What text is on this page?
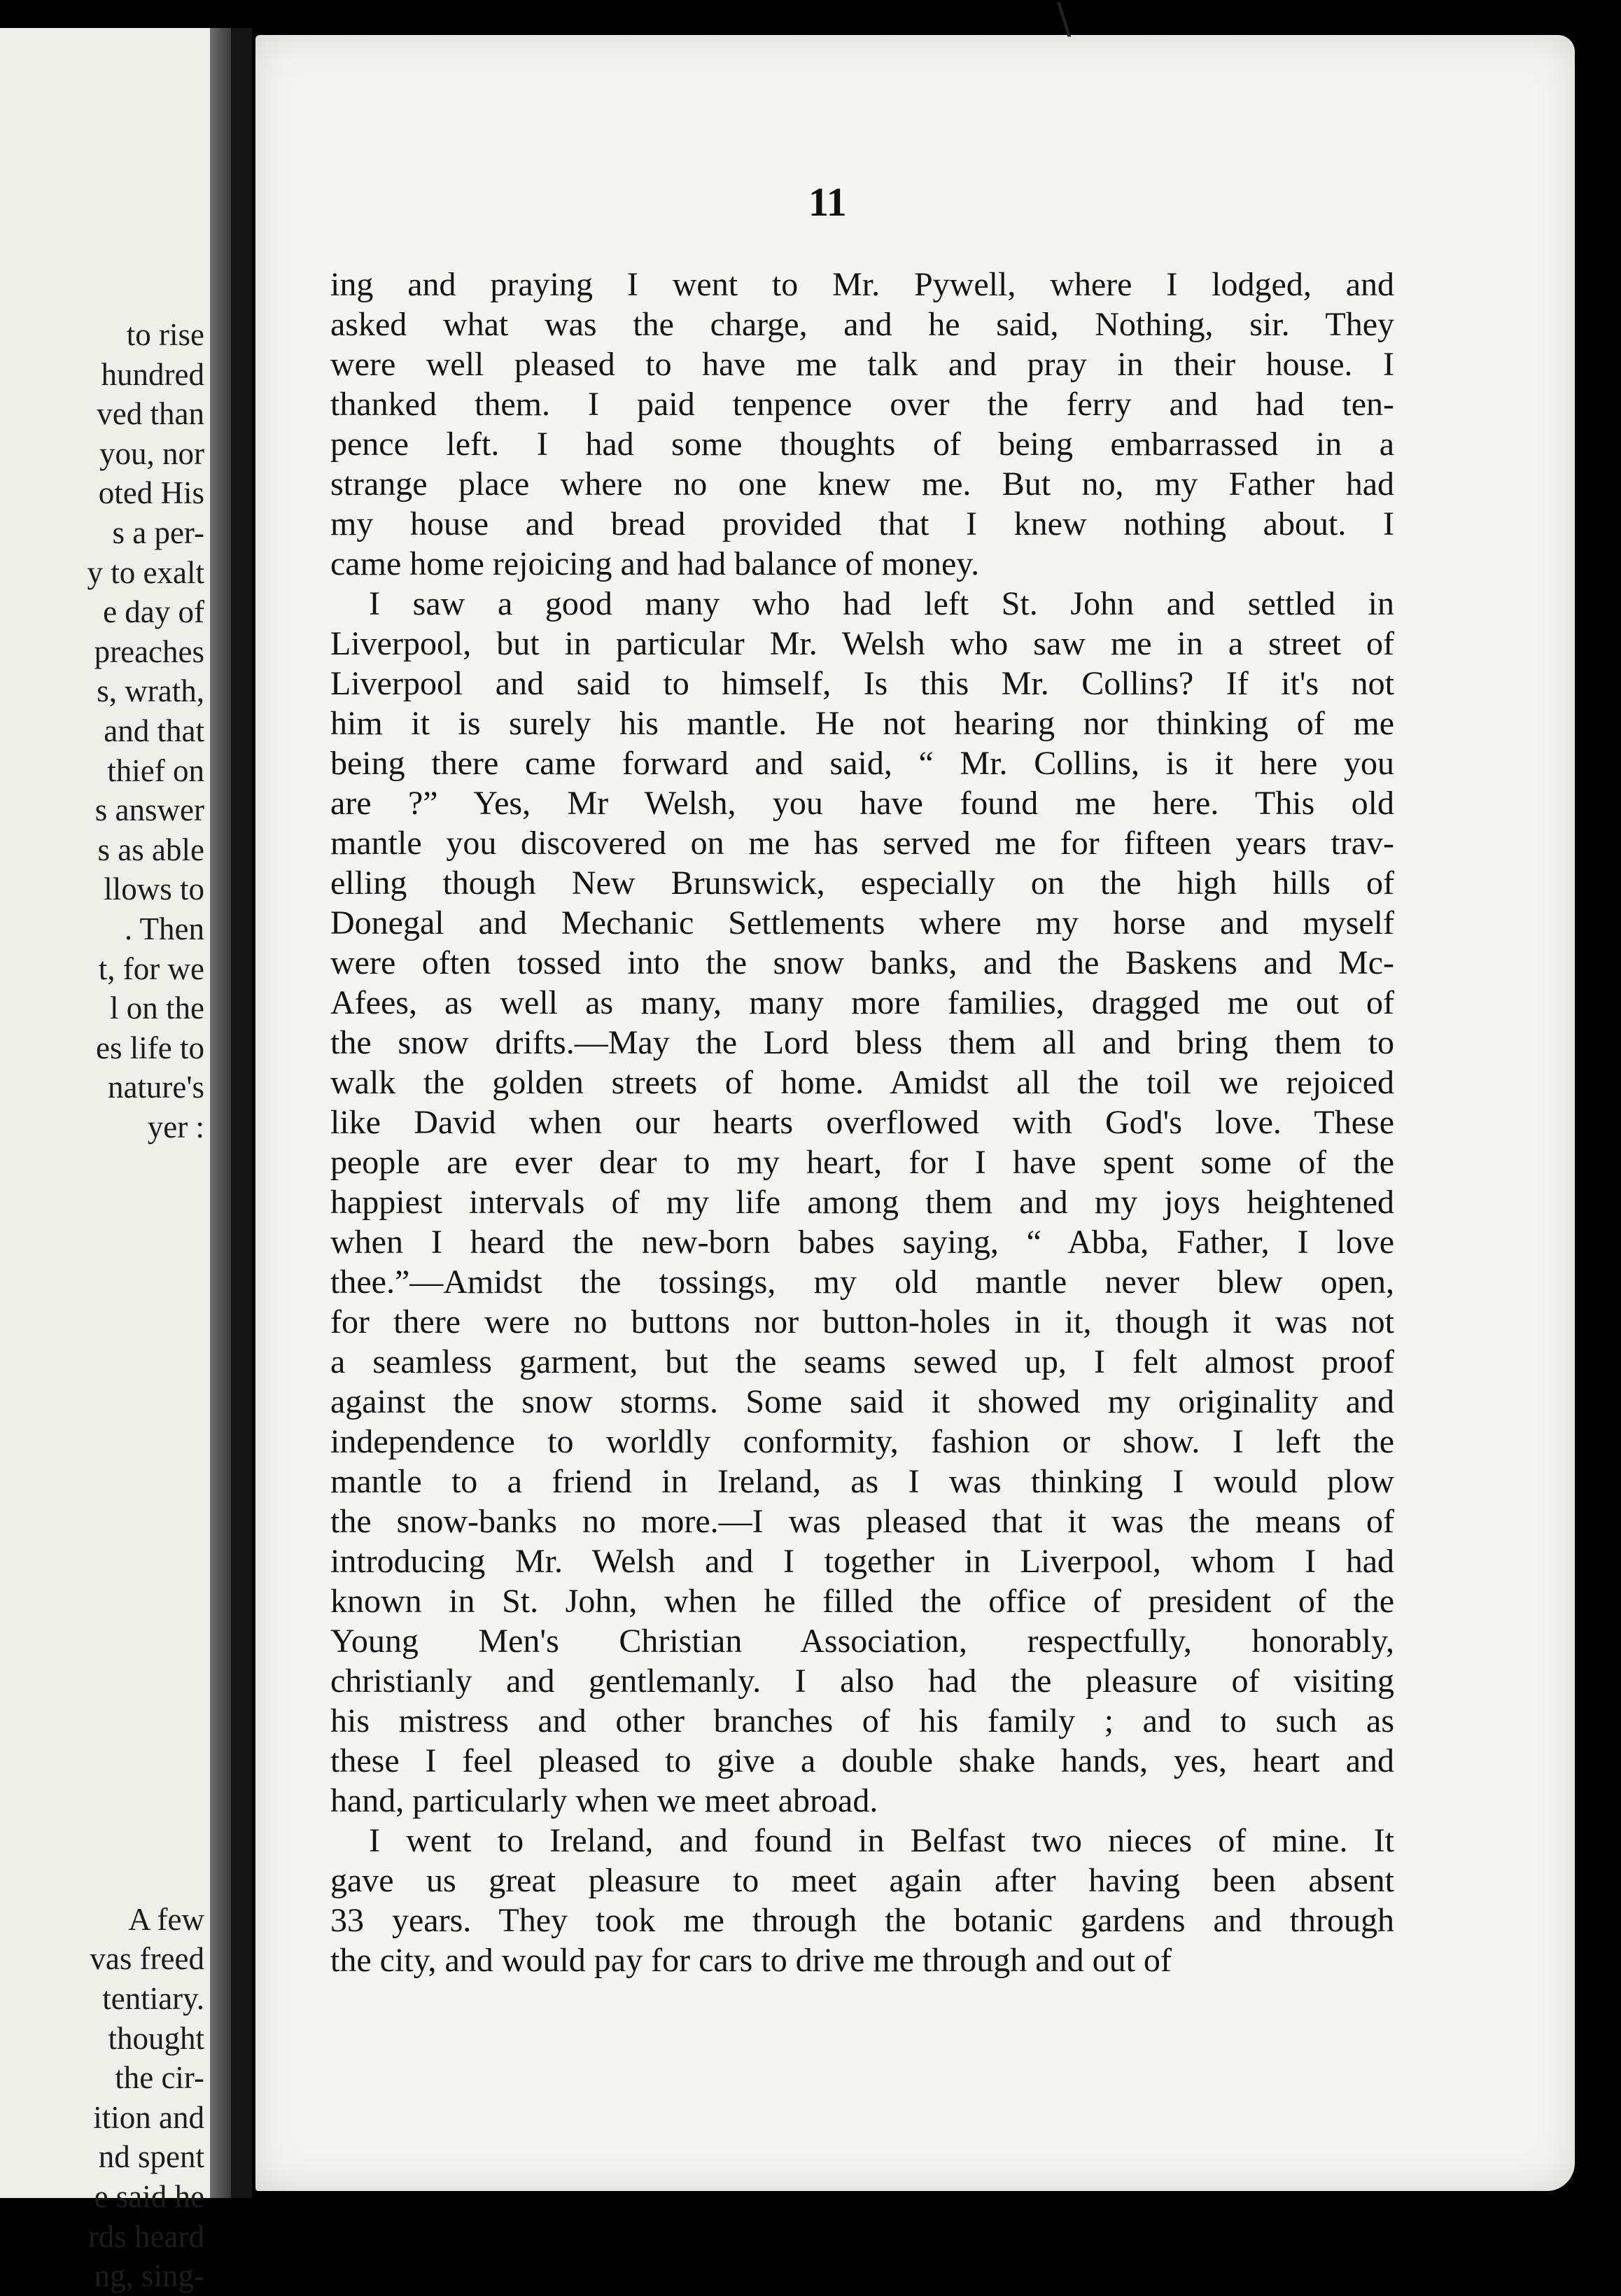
to rise
hundred
ved than
you, nor
oted His
s a per-
y to exalt
e day of
preaches
s, wrath,
and that
thief on
s answer
s as able
llows to
. Then
t, for we
l on the
es life to
nature's
yer :
A few
vas freed
tentiary.
thought
the cir-
ition and
nd spent
e said he
rds heard
ng, sing-
11
ing and praying I went to Mr. Pywell, where I lodged, and
asked what was the charge, and he said, Nothing, sir. They
were well pleased to have me talk and pray in their house. I
thanked them. I paid tenpence over the ferry and had ten-
pence left. I had some thoughts of being embarrassed in a
strange place where no one knew me. But no, my Father had
my house and bread provided that I knew nothing about. I
came home rejoicing and had balance of money.
I saw a good many who had left St. John and settled in
Liverpool, but in particular Mr. Welsh who saw me in a street of
Liverpool and said to himself, Is this Mr. Collins? If it's not
him it is surely his mantle. He not hearing nor thinking of me
being there came forward and said, “ Mr. Collins, is it here you
are ?” Yes, Mr Welsh, you have found me here. This old
mantle you discovered on me has served me for fifteen years trav-
elling though New Brunswick, especially on the high hills of
Donegal and Mechanic Settlements where my horse and myself
were often tossed into the snow banks, and the Baskens and Mc-
Afees, as well as many, many more families, dragged me out of
the snow drifts.—May the Lord bless them all and bring them to
walk the golden streets of home. Amidst all the toil we rejoiced
like David when our hearts overflowed with God's love. These
people are ever dear to my heart, for I have spent some of the
happiest intervals of my life among them and my joys heightened
when I heard the new-born babes saying, “ Abba, Father, I love
thee.”—Amidst the tossings, my old mantle never blew open,
for there were no buttons nor button-holes in it, though it was not
a seamless garment, but the seams sewed up, I felt almost proof
against the snow storms. Some said it showed my originality and
independence to worldly conformity, fashion or show. I left the
mantle to a friend in Ireland, as I was thinking I would plow
the snow-banks no more.—I was pleased that it was the means of
introducing Mr. Welsh and I together in Liverpool, whom I had
known in St. John, when he filled the office of president of the
Young Men's Christian Association, respectfully, honorably,
christianly and gentlemanly. I also had the pleasure of visiting
his mistress and other branches of his family ; and to such as
these I feel pleased to give a double shake hands, yes, heart and
hand, particularly when we meet abroad.
I went to Ireland, and found in Belfast two nieces of mine. It
gave us great pleasure to meet again after having been absent
33 years. They took me through the botanic gardens and through
the city, and would pay for cars to drive me through and out of
\
